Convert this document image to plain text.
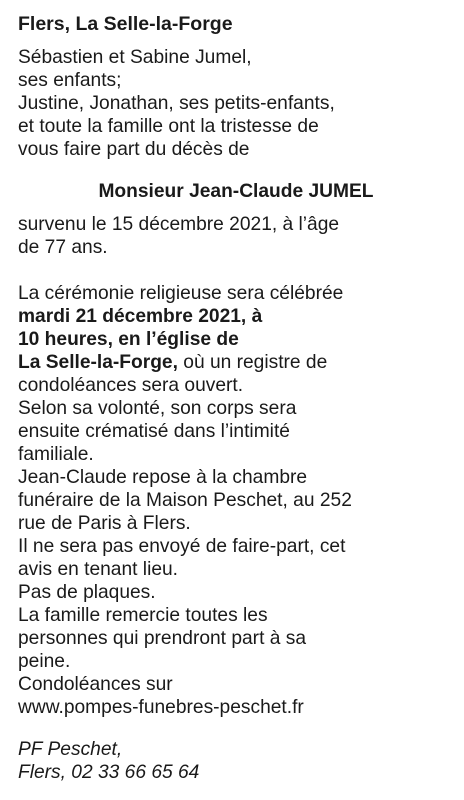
Flers, La Selle-la-Forge

Sébastien et Sabine Jumel,

ses enfants;

Justine, Jonathan, ses petits-enfants,

et toute la famille ont la tristesse de

vous faire part du décès de

Monsieur Jean-Claude JUMEL
survenu le 15 décembre 2021, à l’âge
de 77 ans.

La cérémonie religieuse sera célébrée
mardi 21 décembre 2021, à
10 heures, en l’église de
La Selle-la-Forge, où un registre de
condoléances sera ouvert.

Selon sa volonté, son corps sera
ensuite crématisé dans l’intimité
familiale.

Jean-Claude repose à la chambre
funéraire de la Maison Peschet, au 252
rue de Paris à Flers.

Il ne sera pas envoyé de faire-part, cet
avis en tenant lieu.

Pas de plaques.

La famille remercie toutes les
personnes qui prendront part à sa
peine.

Condoléances sur
www.pompes-funebres-peschet.fr

PF Peschet,
Flers, 02 33 66 65 64
